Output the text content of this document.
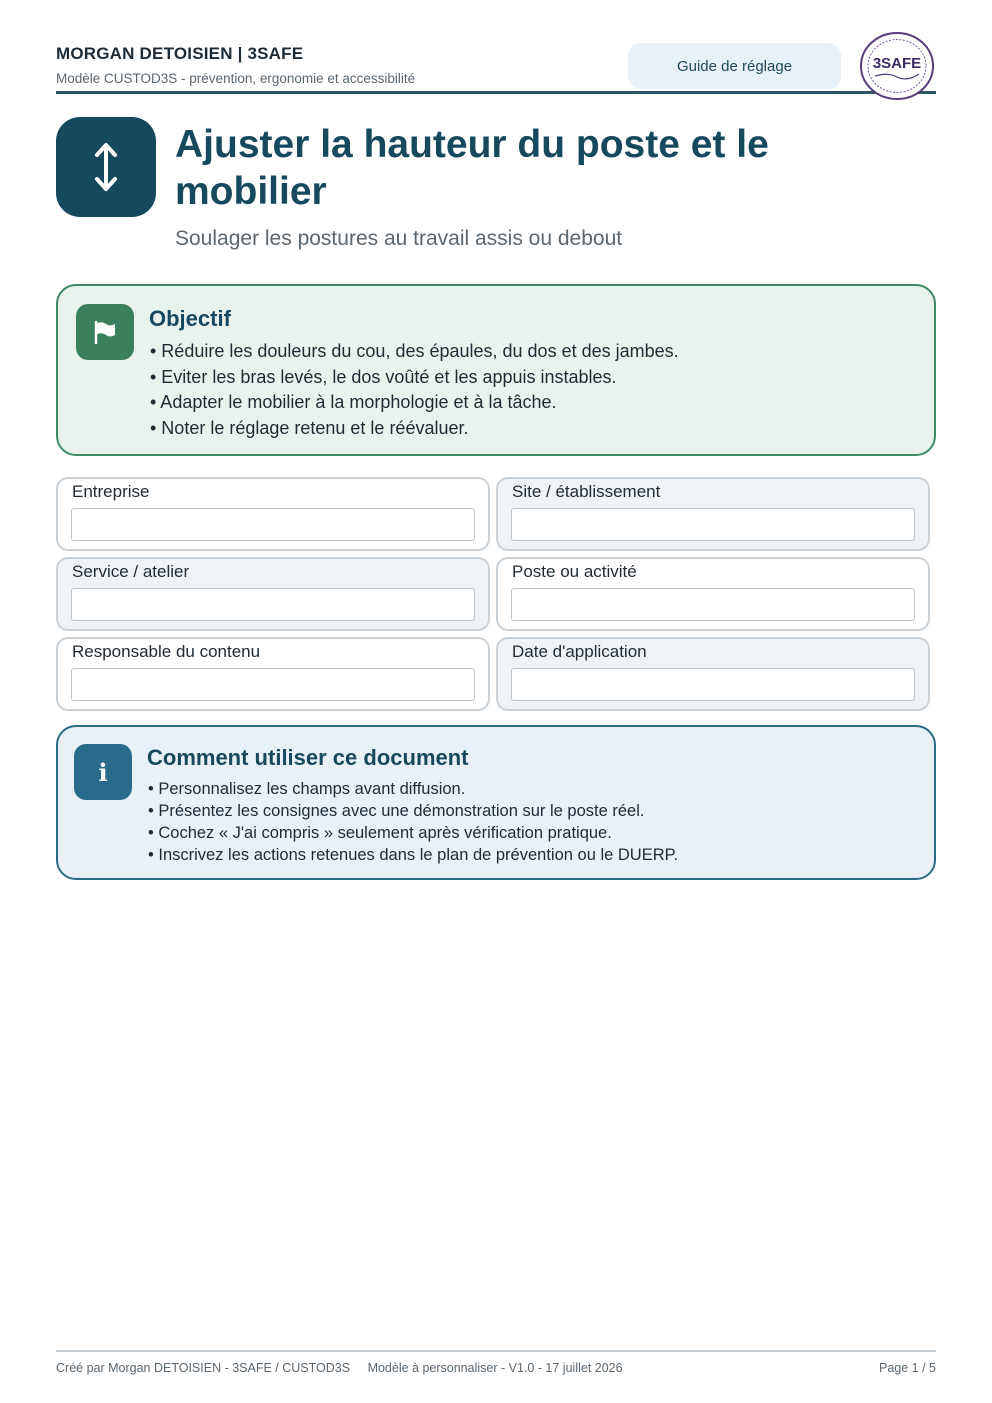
MORGAN DETOISIEN | 3SAFE
Modèle CUSTOD3S - prévention, ergonomie et accessibilité
Guide de réglage	3SAFE
Ajuster la hauteur du poste et le mobilier
Soulager les postures au travail assis ou debout
Objectif
• Réduire les douleurs du cou, des épaules, du dos et des jambes.
• Eviter les bras levés, le dos voûté et les appuis instables.
• Adapter le mobilier à la morphologie et à la tâche.
• Noter le réglage retenu et le réévaluer.
Entreprise	Site / établissement
Service / atelier	Poste ou activité
Responsable du contenu	Date d'application
i	Comment utiliser ce document
• Personnalisez les champs avant diffusion.
• Présentez les consignes avec une démonstration sur le poste réel.
• Cochez « J'ai compris » seulement après vérification pratique.
• Inscrivez les actions retenues dans le plan de prévention ou le DUERP.
Créé par Morgan DETOISIEN - 3SAFE / CUSTOD3S Modèle à personnaliser - V1.0 - 17 juillet 2026	Page 1 / 5
